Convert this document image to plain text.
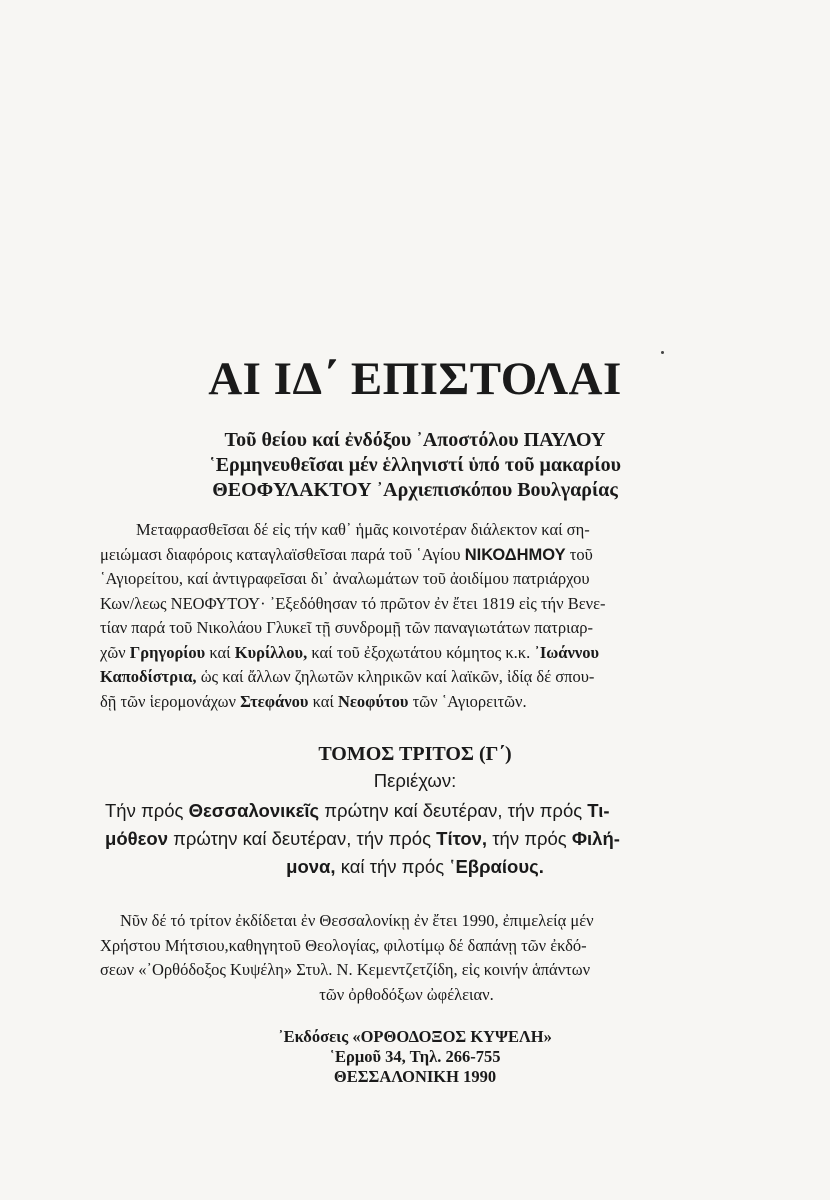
ΑΙ ΙΔ΄ ΕΠΙΣΤΟΛΑΙ
Τοῦ θείου καί ἐνδόξου ᾿Αποστόλου ΠΑΥΛΟΥ
῾Ερμηνευθεῖσαι μέν ἑλληνιστί ὑπό τοῦ μακαρίου
ΘΕΟΦΥΛΑΚΤΟΥ ᾿Αρχιεπισκόπου Βουλγαρίας
Μεταφρασθεῖσαι δέ εἰς τήν καθ᾿ ἡμᾶς κοινοτέραν διάλεκτον καί ση-
μειώμασι διαφόροις καταγλαϊσθεῖσαι παρά τοῦ ῾Αγίου ΝΙΚΟΔΗΜΟΥ τοῦ
῾Αγιορείτου, καί ἀντιγραφεῖσαι δι᾿ ἀναλωμάτων τοῦ ἀοιδίμου πατριάρχου
Κων/λεως ΝΕΟΦΥΤΟΥ· ᾿Εξεδόθησαν τό πρῶτον ἐν ἔτει 1819 εἰς τήν Βενε-
τίαν παρά τοῦ Νικολάου Γλυκεῖ τῇ συνδρομῇ τῶν παναγιωτάτων πατριαρ-
χῶν Γρηγορίου καί Κυρίλλου, καί τοῦ ἐξοχωτάτου κόμητος κ.κ. ᾿Ιωάννου
Καποδίστρια, ὡς καί ἄλλων ζηλωτῶν κληρικῶν καί λαϊκῶν, ἰδίᾳ δέ σπου-
δῇ τῶν ἱερομονάχων Στεφάνου καί Νεοφύτου τῶν ῾Αγιορειτῶν.
ΤΟΜΟΣ ΤΡΙΤΟΣ (Γ΄)
Περιέχων:
Τήν πρός Θεσσαλονικεῖς πρώτην καί δευτέραν, τήν πρός Τι-
μόθεον πρώτην καί δευτέραν, τήν πρός Τίτον, τήν πρός Φιλή-
μονα, καί τήν πρός ῾Εβραίους.
Νῦν δέ τό τρίτον ἐκδίδεται ἐν Θεσσαλονίκῃ ἐν ἔτει 1990, ἐπιμελείᾳ μέν
Χρήστου Μήτσιου,καθηγητοῦ Θεολογίας, φιλοτίμῳ δέ δαπάνῃ τῶν ἐκδό-
σεων «᾿Ορθόδοξος Κυψέλη» Στυλ. Ν. Κεμεντζετζίδη, εἰς κοινήν ἁπάντων
τῶν ὀρθοδόξων ὠφέλειαν.
᾿Εκδόσεις «ΟΡΘΟΔΟΞΟΣ ΚΥΨΕΛΗ»
῾Ερμοῦ 34, Τηλ. 266-755
ΘΕΣΣΑΛΟΝΙΚΗ 1990
